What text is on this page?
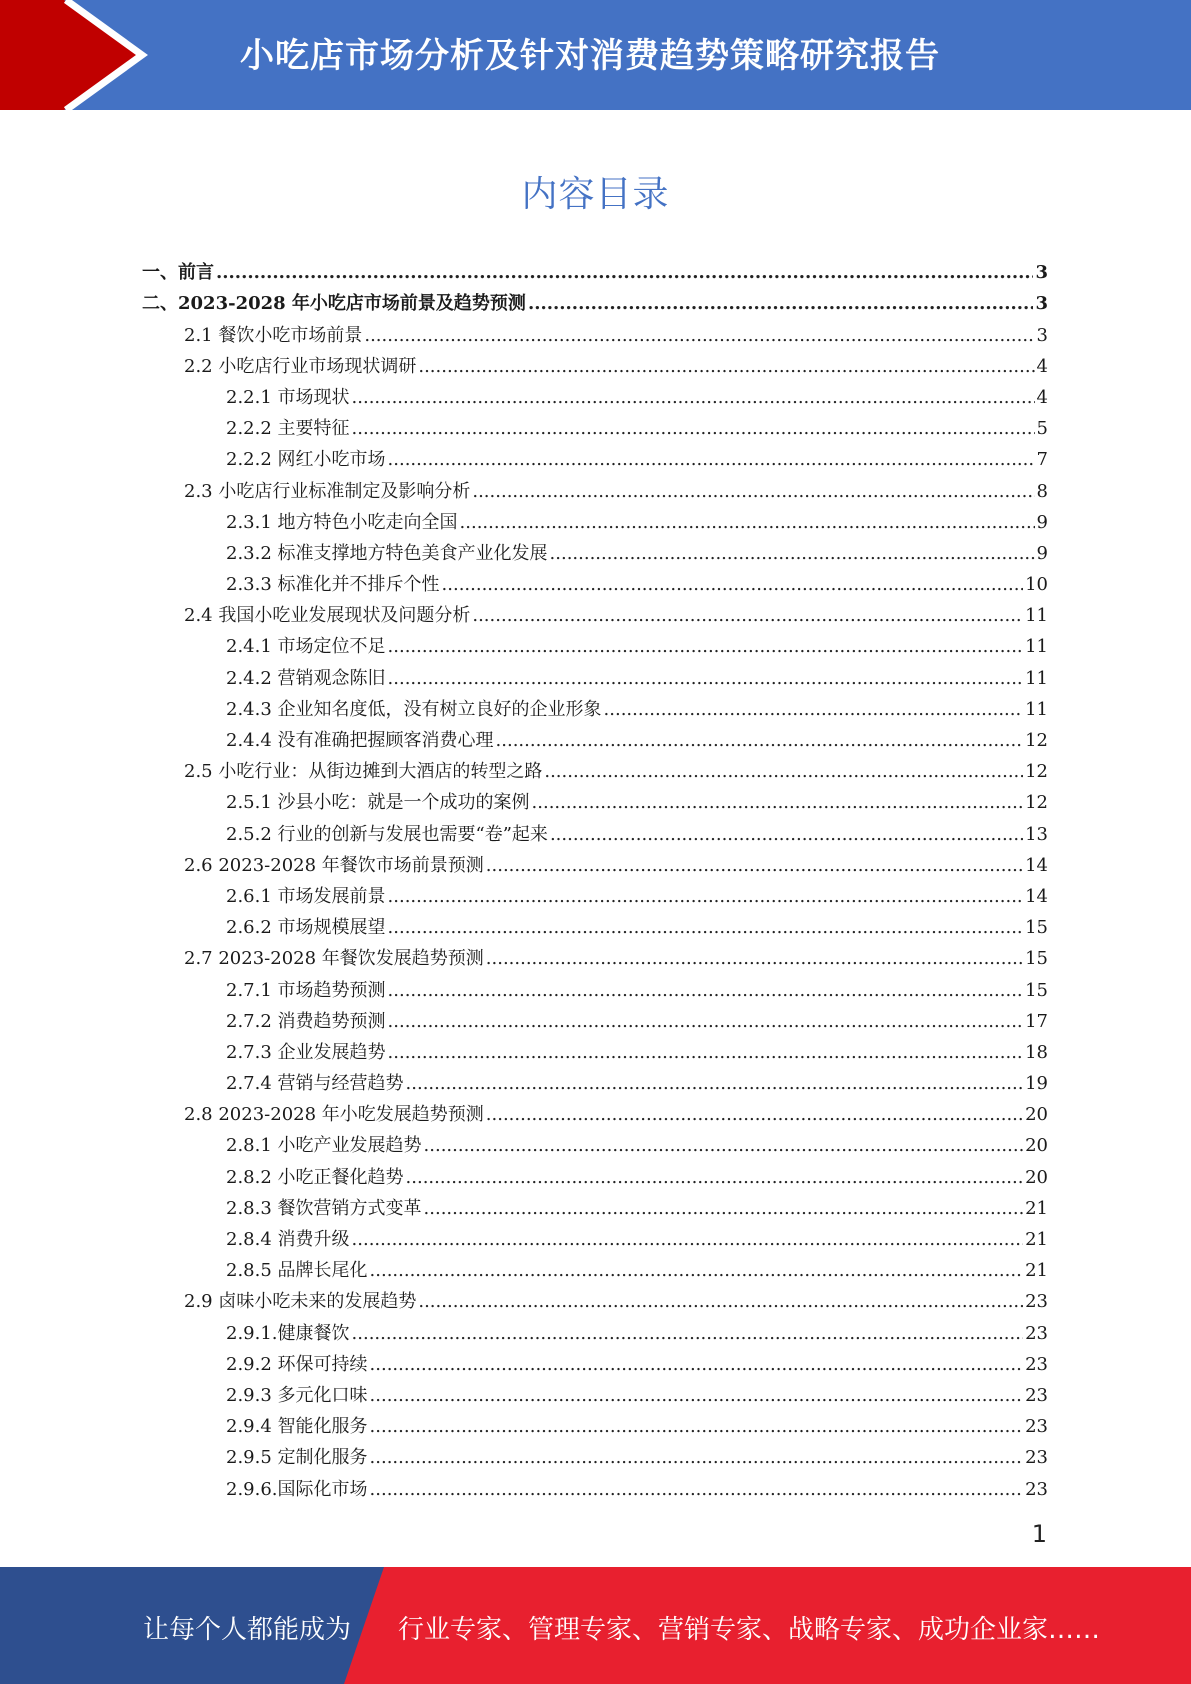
小吃店市场分析及针对消费趋势策略研究报告
内容目录
一、前言 .....	3
二、2023-2028 年小吃店市场前景及趋势预测 .....	3
2.1 餐饮小吃市场前景 .....	3
2.2 小吃店行业市场现状调研 .....	4
2.2.1 市场现状 .....	4
2.2.2 主要特征 .....	5
2.2.2 网红小吃市场 .....	7
2.3 小吃店行业标准制定及影响分析 .....	8
2.3.1 地方特色小吃走向全国 .....	9
2.3.2 标准支撑地方特色美食产业化发展 .....	9
2.3.3 标准化并不排斥个性 .....	10
2.4 我国小吃业发展现状及问题分析 .....	11
2.4.1 市场定位不足 .....	11
2.4.2 营销观念陈旧 .....	11
2.4.3 企业知名度低，没有树立良好的企业形象 .....	11
2.4.4 没有准确把握顾客消费心理 .....	12
2.5 小吃行业：从街边摊到大酒店的转型之路 .....	12
2.5.1 沙县小吃：就是一个成功的案例 .....	12
2.5.2 行业的创新与发展也需要“卷”起来 .....	13
2.6 2023-2028 年餐饮市场前景预测 .....	14
2.6.1 市场发展前景 .....	14
2.6.2 市场规模展望 .....	15
2.7 2023-2028 年餐饮发展趋势预测 .....	15
2.7.1 市场趋势预测 .....	15
2.7.2 消费趋势预测 .....	17
2.7.3 企业发展趋势 .....	18
2.7.4 营销与经营趋势 .....	19
2.8 2023-2028 年小吃发展趋势预测 .....	20
2.8.1 小吃产业发展趋势 .....	20
2.8.2 小吃正餐化趋势 .....	20
2.8.3 餐饮营销方式变革 .....	21
2.8.4 消费升级 .....	21
2.8.5 品牌长尾化 .....	21
2.9 卤味小吃未来的发展趋势 .....	23
2.9.1.健康餐饮 .....	23
2.9.2 环保可持续 .....	23
2.9.3 多元化口味 .....	23
2.9.4 智能化服务 .....	23
2.9.5 定制化服务 .....	23
2.9.6.国际化市场 .....	23
1
让每个人都能成为 行业专家、管理专家、营销专家、战略专家、成功企业家……
